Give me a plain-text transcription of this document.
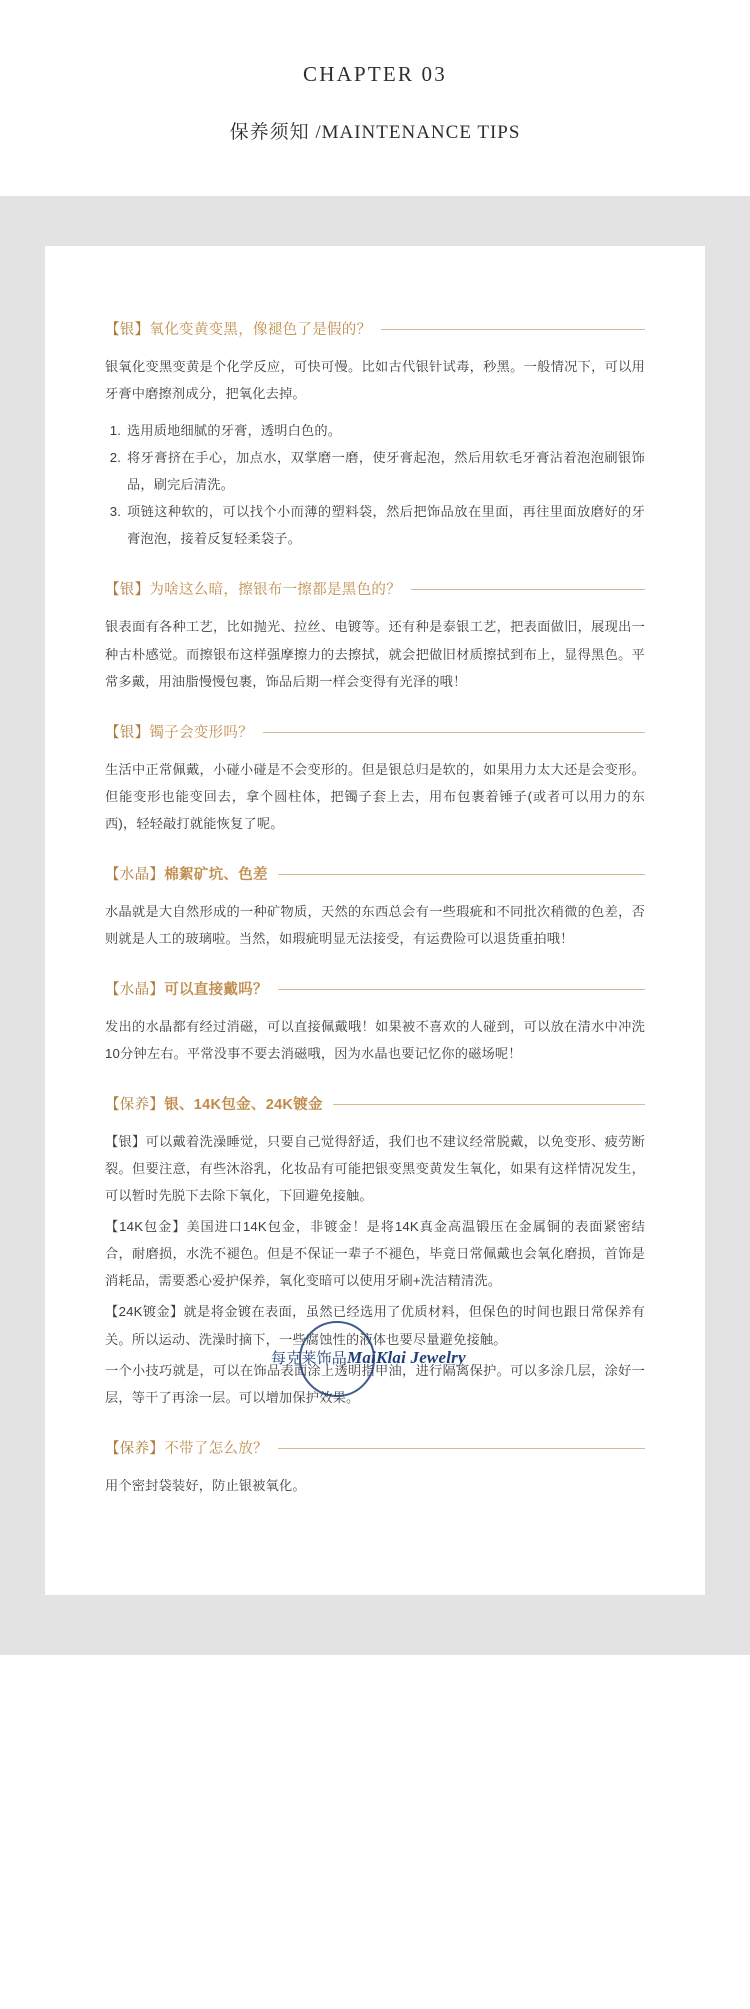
CHAPTER 03
保养须知 /MAINTENANCE TIPS
【银】氧化变黄变黑，像褪色了是假的？

银氧化变黑变黄是个化学反应，可快可慢。比如古代银针试毒，秒黑。一般情况下，可以用牙膏中磨擦剂成分，把氧化去掉。

1. 选用质地细腻的牙膏，透明白色的。
2. 将牙膏挤在手心，加点水，双掌磨一磨，使牙膏起泡，然后用软毛牙膏沾着泡泡刷银饰品，刷完后清洗。
3. 项链这种软的，可以找个小而薄的塑料袋，然后把饰品放在里面，再往里面放磨好的牙膏泡泡，接着反复轻柔袋子。
【银】为啥这么暗，擦银布一擦都是黑色的？

银表面有各种工艺，比如抛光、拉丝、电镀等。还有种是泰银工艺，把表面做旧，展现出一种古朴感觉。而擦银布这样强摩擦力的去擦拭，就会把做旧材质擦拭到布上，显得黑色。平常多戴，用油脂慢慢包裹，饰品后期一样会变得有光泽的哦！

【银】镯子会变形吗？

生活中正常佩戴，小碰小碰是不会变形的。但是银总归是软的，如果用力太大还是会变形。但能变形也能变回去，拿个圆柱体，把镯子套上去，用布包裹着锤子(或者可以用力的东西)，轻轻敲打就能恢复了呢。

【水晶】棉絮矿坑、色差

水晶就是大自然形成的一种矿物质，天然的东西总会有一些瑕疵和不同批次稍微的色差，否则就是人工的玻璃啦。当然，如瑕疵明显无法接受，有运费险可以退货重拍哦！

【水晶】可以直接戴吗？

发出的水晶都有经过消磁，可以直接佩戴哦！如果被不喜欢的人碰到，可以放在清水中冲洗10分钟左右。平常没事不要去消磁哦，因为水晶也要记忆你的磁场呢！

【保养】银、14K包金、24K镀金

【银】可以戴着洗澡睡觉，只要自己觉得舒适，我们也不建议经常脱戴，以免变形、疲劳断裂。但要注意，有些沐浴乳，化妆品有可能把银变黑变黄发生氧化，如果有这样情况发生，可以暂时先脱下去除下氧化，下回避免接触。

【14K包金】美国进口14K包金，非镀金！是将14K真金高温锻压在金属铜的表面紧密结合，耐磨损，水洗不褪色。但是不保证一辈子不褪色，毕竟日常佩戴也会氧化磨损，首饰是消耗品，需要悉心爱护保养，氧化变暗可以使用牙刷+洗洁精清洗。

【24K镀金】就是将金镀在表面，虽然已经选用了优质材料，但保色的时间也跟日常保养有关。所以运动、洗澡时摘下，一些腐蚀性的液体也要尽量避免接触。

一个小技巧就是，可以在饰品表面涂上透明指甲油，进行隔离保护。可以多涂几层，涂好一层，等干了再涂一层。可以增加保护效果。

【保养】不带了怎么放？

用个密封袋装好，防止银被氧化。

每克莱饰品MaiKlai Jewelry
